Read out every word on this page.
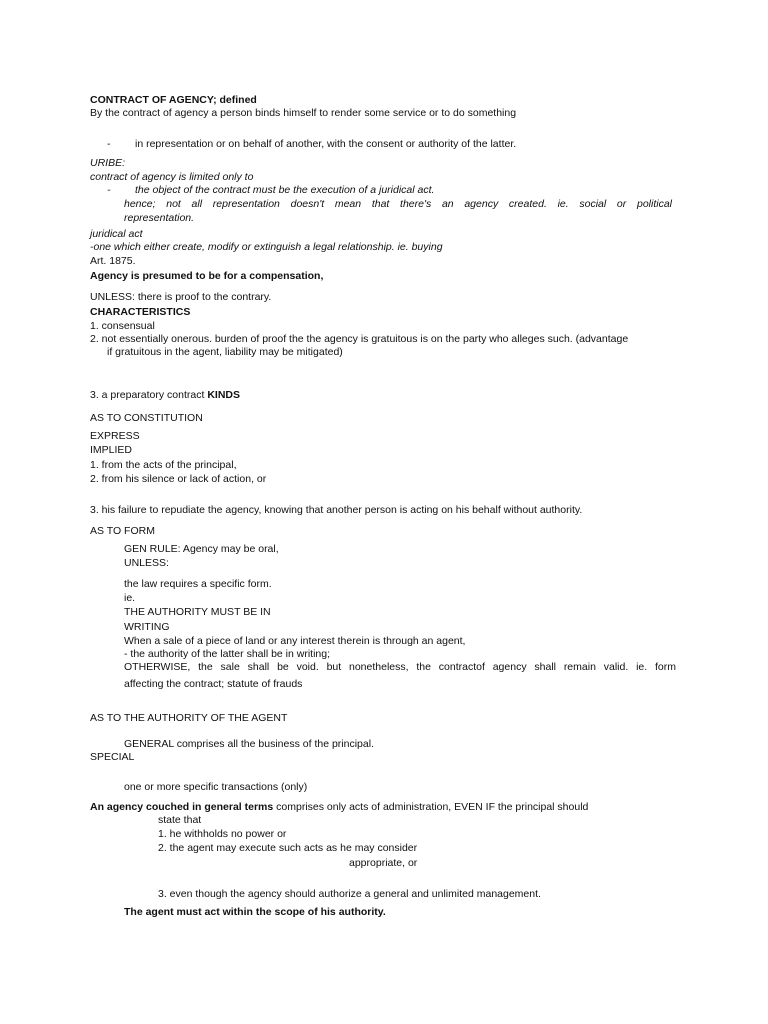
CONTRACT OF AGENCY; defined
By the contract of agency a person binds himself to render some service or to do something
- in representation or on behalf of another, with the consent or authority of the latter.
URIBE:
contract of agency is limited only to
- the object of the contract must be the execution of a juridical act.
hence; not all representation doesn't mean that there's an agency created. ie. social or political
representation.
juridical act
-one which either create, modify or extinguish a legal relationship. ie. buying
Art. 1875.
Agency is presumed to be for a compensation,
UNLESS: there is proof to the contrary.
CHARACTERISTICS
1. consensual
2. not essentially onerous. burden of proof the the agency is gratuitous is on the party who alleges such. (advantage
if gratuitous in the agent, liability may be mitigated)
3. a preparatory contract KINDS
AS TO CONSTITUTION
EXPRESS
IMPLIED
1. from the acts of the principal,
2. from his silence or lack of action, or
3. his failure to repudiate the agency, knowing that another person is acting on his behalf without authority.
AS TO FORM
GEN RULE: Agency may be oral,
UNLESS:
the law requires a specific form.
ie.
THE AUTHORITY MUST BE IN
WRITING
When a sale of a piece of land or any interest therein is through an agent,
- the authority of the latter shall be in writing;
OTHERWISE, the sale shall be void. but nonetheless, the contractof agency shall remain valid. ie. form
affecting the contract; statute of frauds
AS TO THE AUTHORITY OF THE AGENT
GENERAL comprises all the business of the principal.
SPECIAL
one or more specific transactions (only)
An agency couched in general terms comprises only acts of administration, EVEN IF the principal should
state that
1. he withholds no power or
2. the agent may execute such acts as he may consider
appropriate, or
3. even though the agency should authorize a general and unlimited management.
The agent must act within the scope of his authority.
